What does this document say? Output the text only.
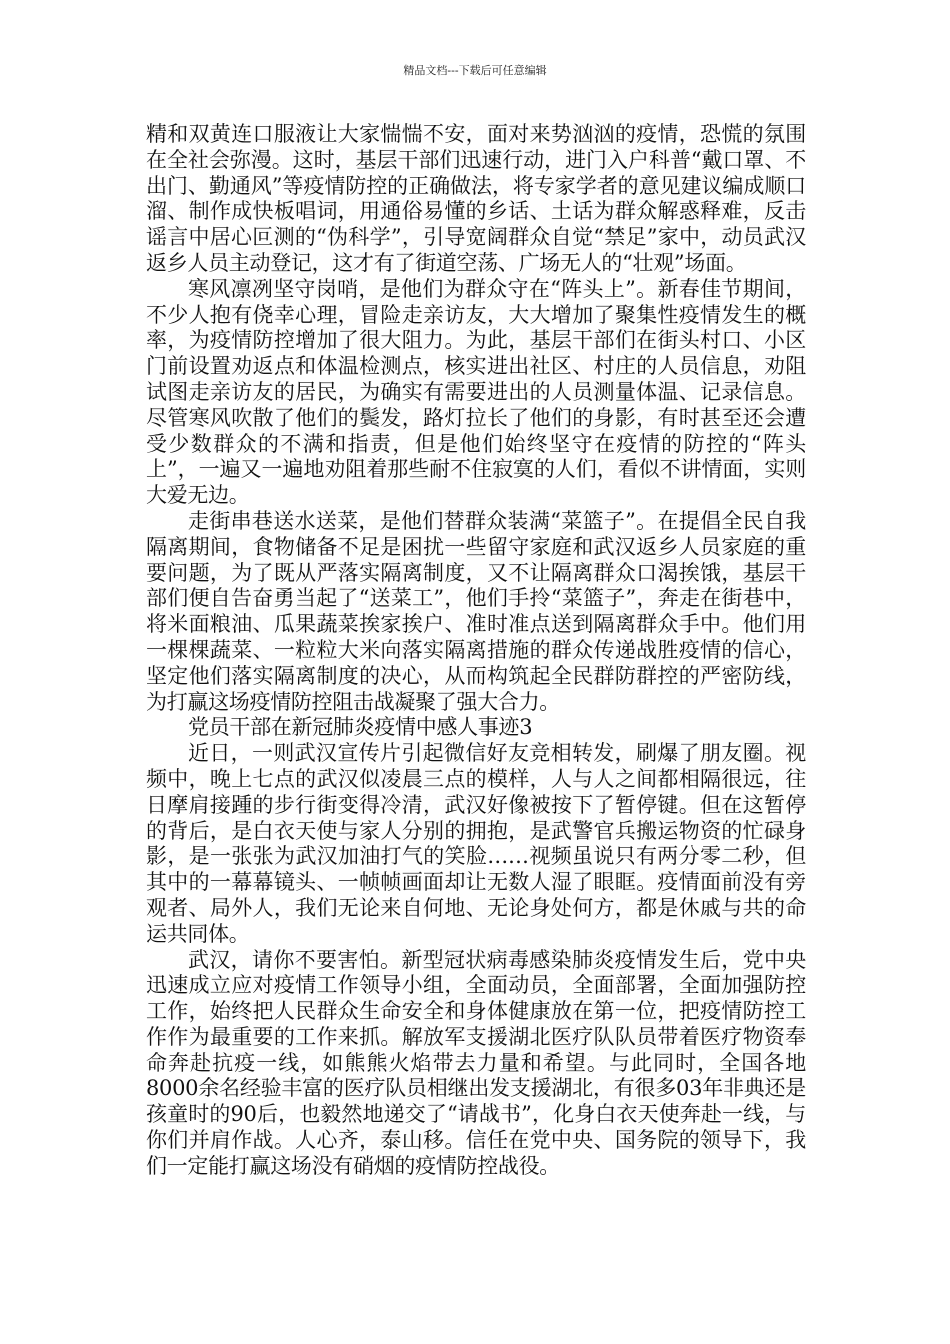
精品文档---下载后可任意编辑

精和双黄连口服液让大家惴惴不安，面对来势汹汹的疫情，恐慌的氛围在全社会弥漫。这时，基层干部们迅速行动，进门入户科普“戴口罩、不出门、勤通风”等疫情防控的正确做法，将专家学者的意见建议编成顺口溜、制作成快板唱词，用通俗易懂的乡话、土话为群众解惑释难，反击谣言中居心叵测的“伪科学”，引导宽阔群众自觉“禁足”家中，动员武汉返乡人员主动登记，这才有了街道空荡、广场无人的“壮观”场面。

寒风凛冽坚守岗哨，是他们为群众守在“阵头上”。新春佳节期间，不少人抱有侥幸心理，冒险走亲访友，大大增加了聚集性疫情发生的概率，为疫情防控增加了很大阻力。为此，基层干部们在街头村口、小区门前设置劝返点和体温检测点，核实进出社区、村庄的人员信息，劝阻试图走亲访友的居民，为确实有需要进出的人员测量体温、记录信息。尽管寒风吹散了他们的鬓发，路灯拉长了他们的身影，有时甚至还会遭受少数群众的不满和指责，但是他们始终坚守在疫情的防控的“阵头上”，一遍又一遍地劝阻着那些耐不住寂寞的人们，看似不讲情面，实则大爱无边。

走街串巷送水送菜，是他们替群众装满“菜篮子”。在提倡全民自我隔离期间，食物储备不足是困扰一些留守家庭和武汉返乡人员家庭的重要问题，为了既从严落实隔离制度，又不让隔离群众口渴挨饿，基层干部们便自告奋勇当起了“送菜工”，他们手拎“菜篮子”，奔走在街巷中，将米面粮油、瓜果蔬菜挨家挨户、准时准点送到隔离群众手中。他们用一棵棵蔬菜、一粒粒大米向落实隔离措施的群众传递战胜疫情的信心，坚定他们落实隔离制度的决心，从而构筑起全民群防群控的严密防线，为打赢这场疫情防控阻击战凝聚了强大合力。

党员干部在新冠肺炎疫情中感人事迹3

近日，一则武汉宣传片引起微信好友竞相转发，刷爆了朋友圈。视频中，晚上七点的武汉似凌晨三点的模样，人与人之间都相隔很远，往日摩肩接踵的步行街变得冷清，武汉好像被按下了暂停键。但在这暂停的背后，是白衣天使与家人分别的拥抱，是武警官兵搬运物资的忙碌身影，是一张张为武汉加油打气的笑脸……视频虽说只有两分零二秒，但其中的一幕幕镜头、一帧帧画面却让无数人湿了眼眶。疫情面前没有旁观者、局外人，我们无论来自何地、无论身处何方，都是休戚与共的命运共同体。

武汉，请你不要害怕。新型冠状病毒感染肺炎疫情发生后，党中央迅速成立应对疫情工作领导小组，全面动员，全面部署，全面加强防控工作，始终把人民群众生命安全和身体健康放在第一位，把疫情防控工作作为最重要的工作来抓。解放军支援湖北医疗队队员带着医疗物资奉命奔赴抗疫一线，如熊熊火焰带去力量和希望。与此同时，全国各地8000余名经验丰富的医疗队员相继出发支援湖北，有很多03年非典还是孩童时的90后，也毅然地递交了“请战书”，化身白衣天使奔赴一线，与你们并肩作战。人心齐，泰山移。信任在党中央、国务院的领导下，我们一定能打赢这场没有硝烟的疫情防控战役。
